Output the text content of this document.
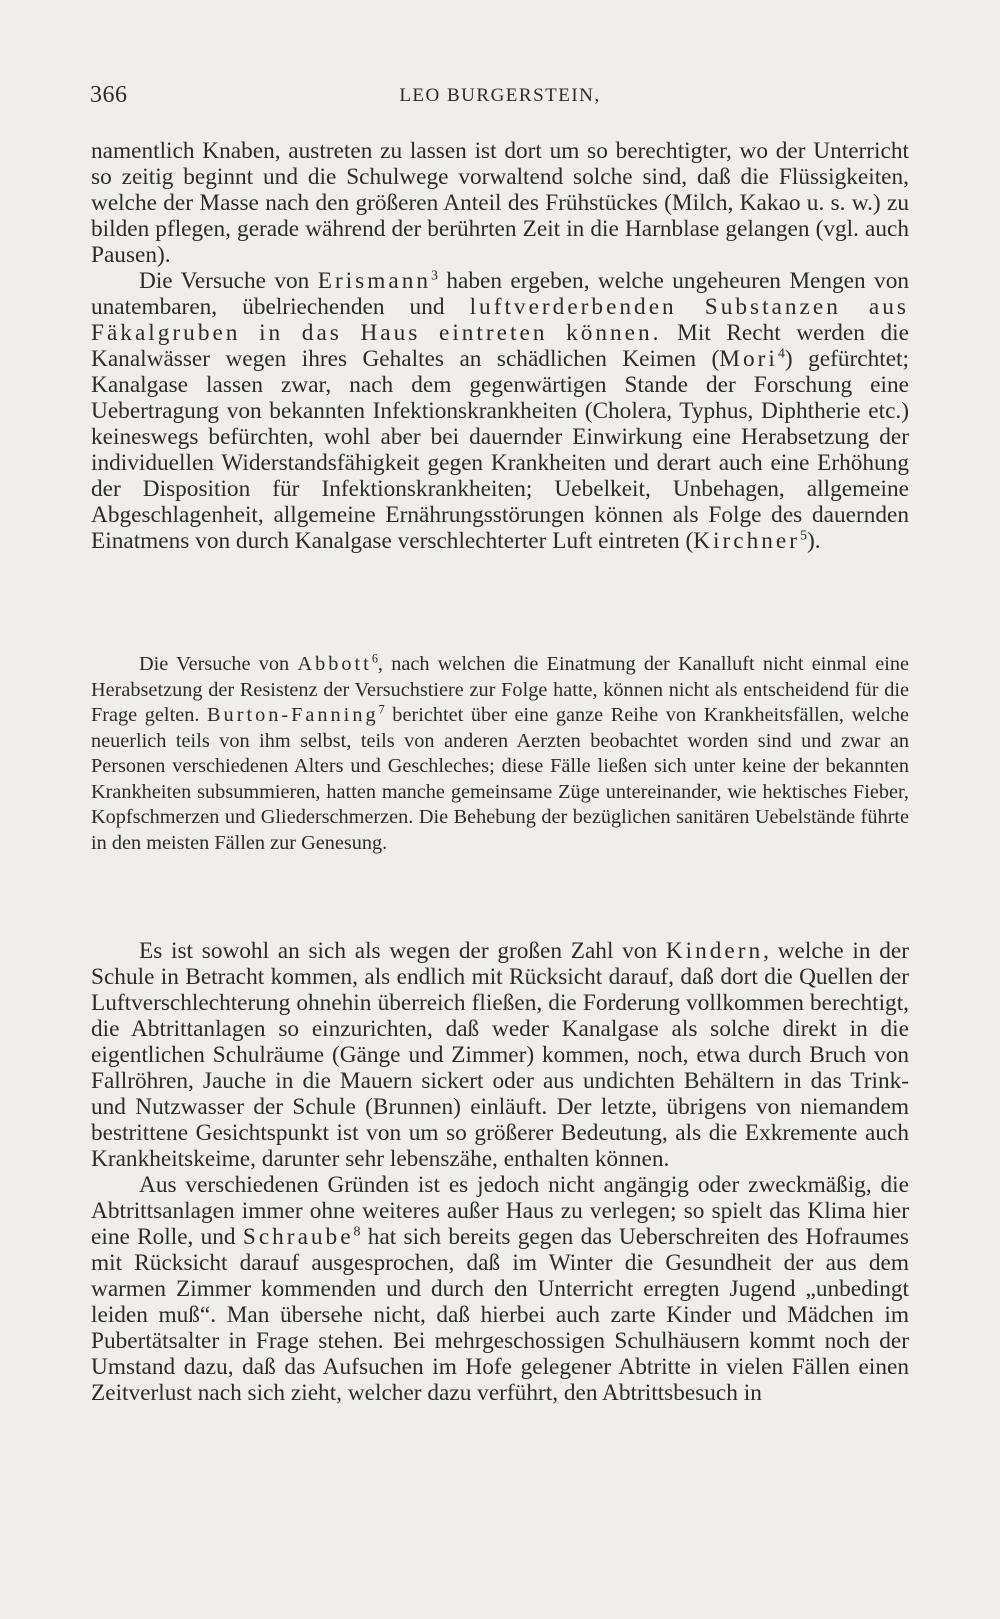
366	LEO BURGERSTEIN,

namentlich Knaben, austreten zu lassen ist dort um so berechtigter, wo der Unterricht so zeitig beginnt und die Schulwege vorwaltend solche sind, daß die Flüssigkeiten, welche der Masse nach den größeren Anteil des Frühstückes (Milch, Kakao u. s. w.) zu bilden pflegen, gerade während der berührten Zeit in die Harnblase gelangen (vgl. auch Pausen).

Die Versuche von Erismann$^3$ haben ergeben, welche ungeheuren Mengen von unatembaren, übelriechenden und luftverderbenden Substanzen aus Fäkalgruben in das Haus eintreten können. Mit Recht werden die Kanalwässer wegen ihres Gehaltes an schädlichen Keimen (Mori$^4$) gefürchtet; Kanalgase lassen zwar, nach dem gegenwärtigen Stande der Forschung eine Uebertragung von bekannten Infektionskrankheiten (Cholera, Typhus, Diphtherie etc.) keineswegs befürchten, wohl aber bei dauernder Einwirkung eine Herabsetzung der individuellen Widerstandsfähigkeit gegen Krankheiten und derart auch eine Erhöhung der Disposition für Infektionskrankheiten; Uebelkeit, Unbehagen, allgemeine Abgeschlagenheit, allgemeine Ernährungsstörungen können als Folge des dauernden Einatmens von durch Kanalgase verschlechterter Luft eintreten (Kirchner$^5$).

Die Versuche von Abbott$^6$, nach welchen die Einatmung der Kanalluft nicht einmal eine Herabsetzung der Resistenz der Versuchstiere zur Folge hatte, können nicht als entscheidend für die Frage gelten. Burton-Fanning$^7$ berichtet über eine ganze Reihe von Krankheitsfällen, welche neuerlich teils von ihm selbst, teils von anderen Aerzten beobachtet worden sind und zwar an Personen verschiedenen Alters und Geschleches; diese Fälle ließen sich unter keine der bekannten Krankheiten subsummieren, hatten manche gemeinsame Züge untereinander, wie hektisches Fieber, Kopfschmerzen und Gliederschmerzen. Die Behebung der bezüglichen sanitären Uebelstände führte in den meisten Fällen zur Genesung.

Es ist sowohl an sich als wegen der großen Zahl von Kindern, welche in der Schule in Betracht kommen, als endlich mit Rücksicht darauf, daß dort die Quellen der Luftverschlechterung ohnehin überreich fließen, die Forderung vollkommen berechtigt, die Abtrittanlagen so einzurichten, daß weder Kanalgase als solche direkt in die eigentlichen Schulräume (Gänge und Zimmer) kommen, noch, etwa durch Bruch von Fallröhren, Jauche in die Mauern sickert oder aus undichten Behältern in das Trink- und Nutzwasser der Schule (Brunnen) einläuft. Der letzte, übrigens von niemandem bestrittene Gesichtspunkt ist von um so größerer Bedeutung, als die Exkremente auch Krankheitskeime, darunter sehr lebenszähe, enthalten können.

Aus verschiedenen Gründen ist es jedoch nicht angängig oder zweckmäßig, die Abtrittsanlagen immer ohne weiteres außer Haus zu verlegen; so spielt das Klima hier eine Rolle, und Schraube$^8$ hat sich bereits gegen das Ueberschreiten des Hofraumes mit Rücksicht darauf ausgesprochen, daß im Winter die Gesundheit der aus dem warmen Zimmer kommenden und durch den Unterricht erregten Jugend „unbedingt leiden muß“. Man übersehe nicht, daß hierbei auch zarte Kinder und Mädchen im Pubertätsalter in Frage stehen. Bei mehrgeschossigen Schulhäusern kommt noch der Umstand dazu, daß das Aufsuchen im Hofe gelegener Abtritte in vielen Fällen einen Zeitverlust nach sich zieht, welcher dazu verführt, den Abtrittsbesuch in
